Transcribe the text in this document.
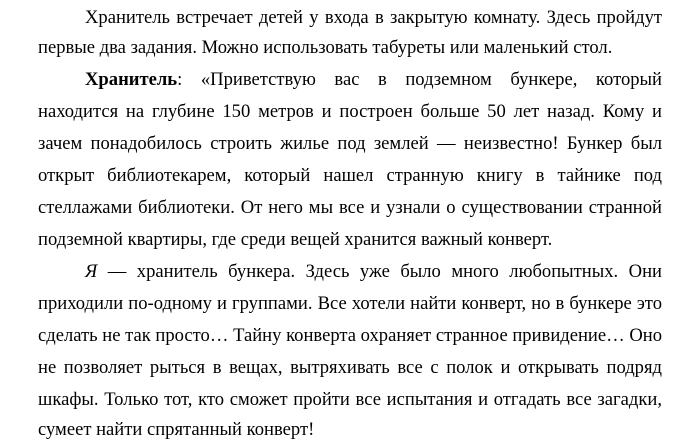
Хранитель встречает детей у входа в закрытую комнату. Здесь пройдут
первые два задания. Можно использовать табуреты или маленький стол.
Хранитель: «Приветствую вас в подземном бункере, который
находится на глубине 150 метров и построен больше 50 лет назад. Кому и
зачем понадобилось строить жилье под землей — неизвестно! Бункер был
открыт библиотекарем, который нашел странную книгу в тайнике под
стеллажами библиотеки. От него мы все и узнали о существовании странной
подземной квартиры, где среди вещей хранится важный конверт.
Я — хранитель бункера. Здесь уже было много любопытных. Они
приходили по-одному и группами. Все хотели найти конверт, но в бункере это
сделать не так просто… Тайну конверта охраняет странное привидение… Оно
не позволяет рыться в вещах, вытряхивать все с полок и открывать подряд
шкафы. Только тот, кто сможет пройти все испытания и отгадать все загадки,
сумеет найти спрятанный конверт!
